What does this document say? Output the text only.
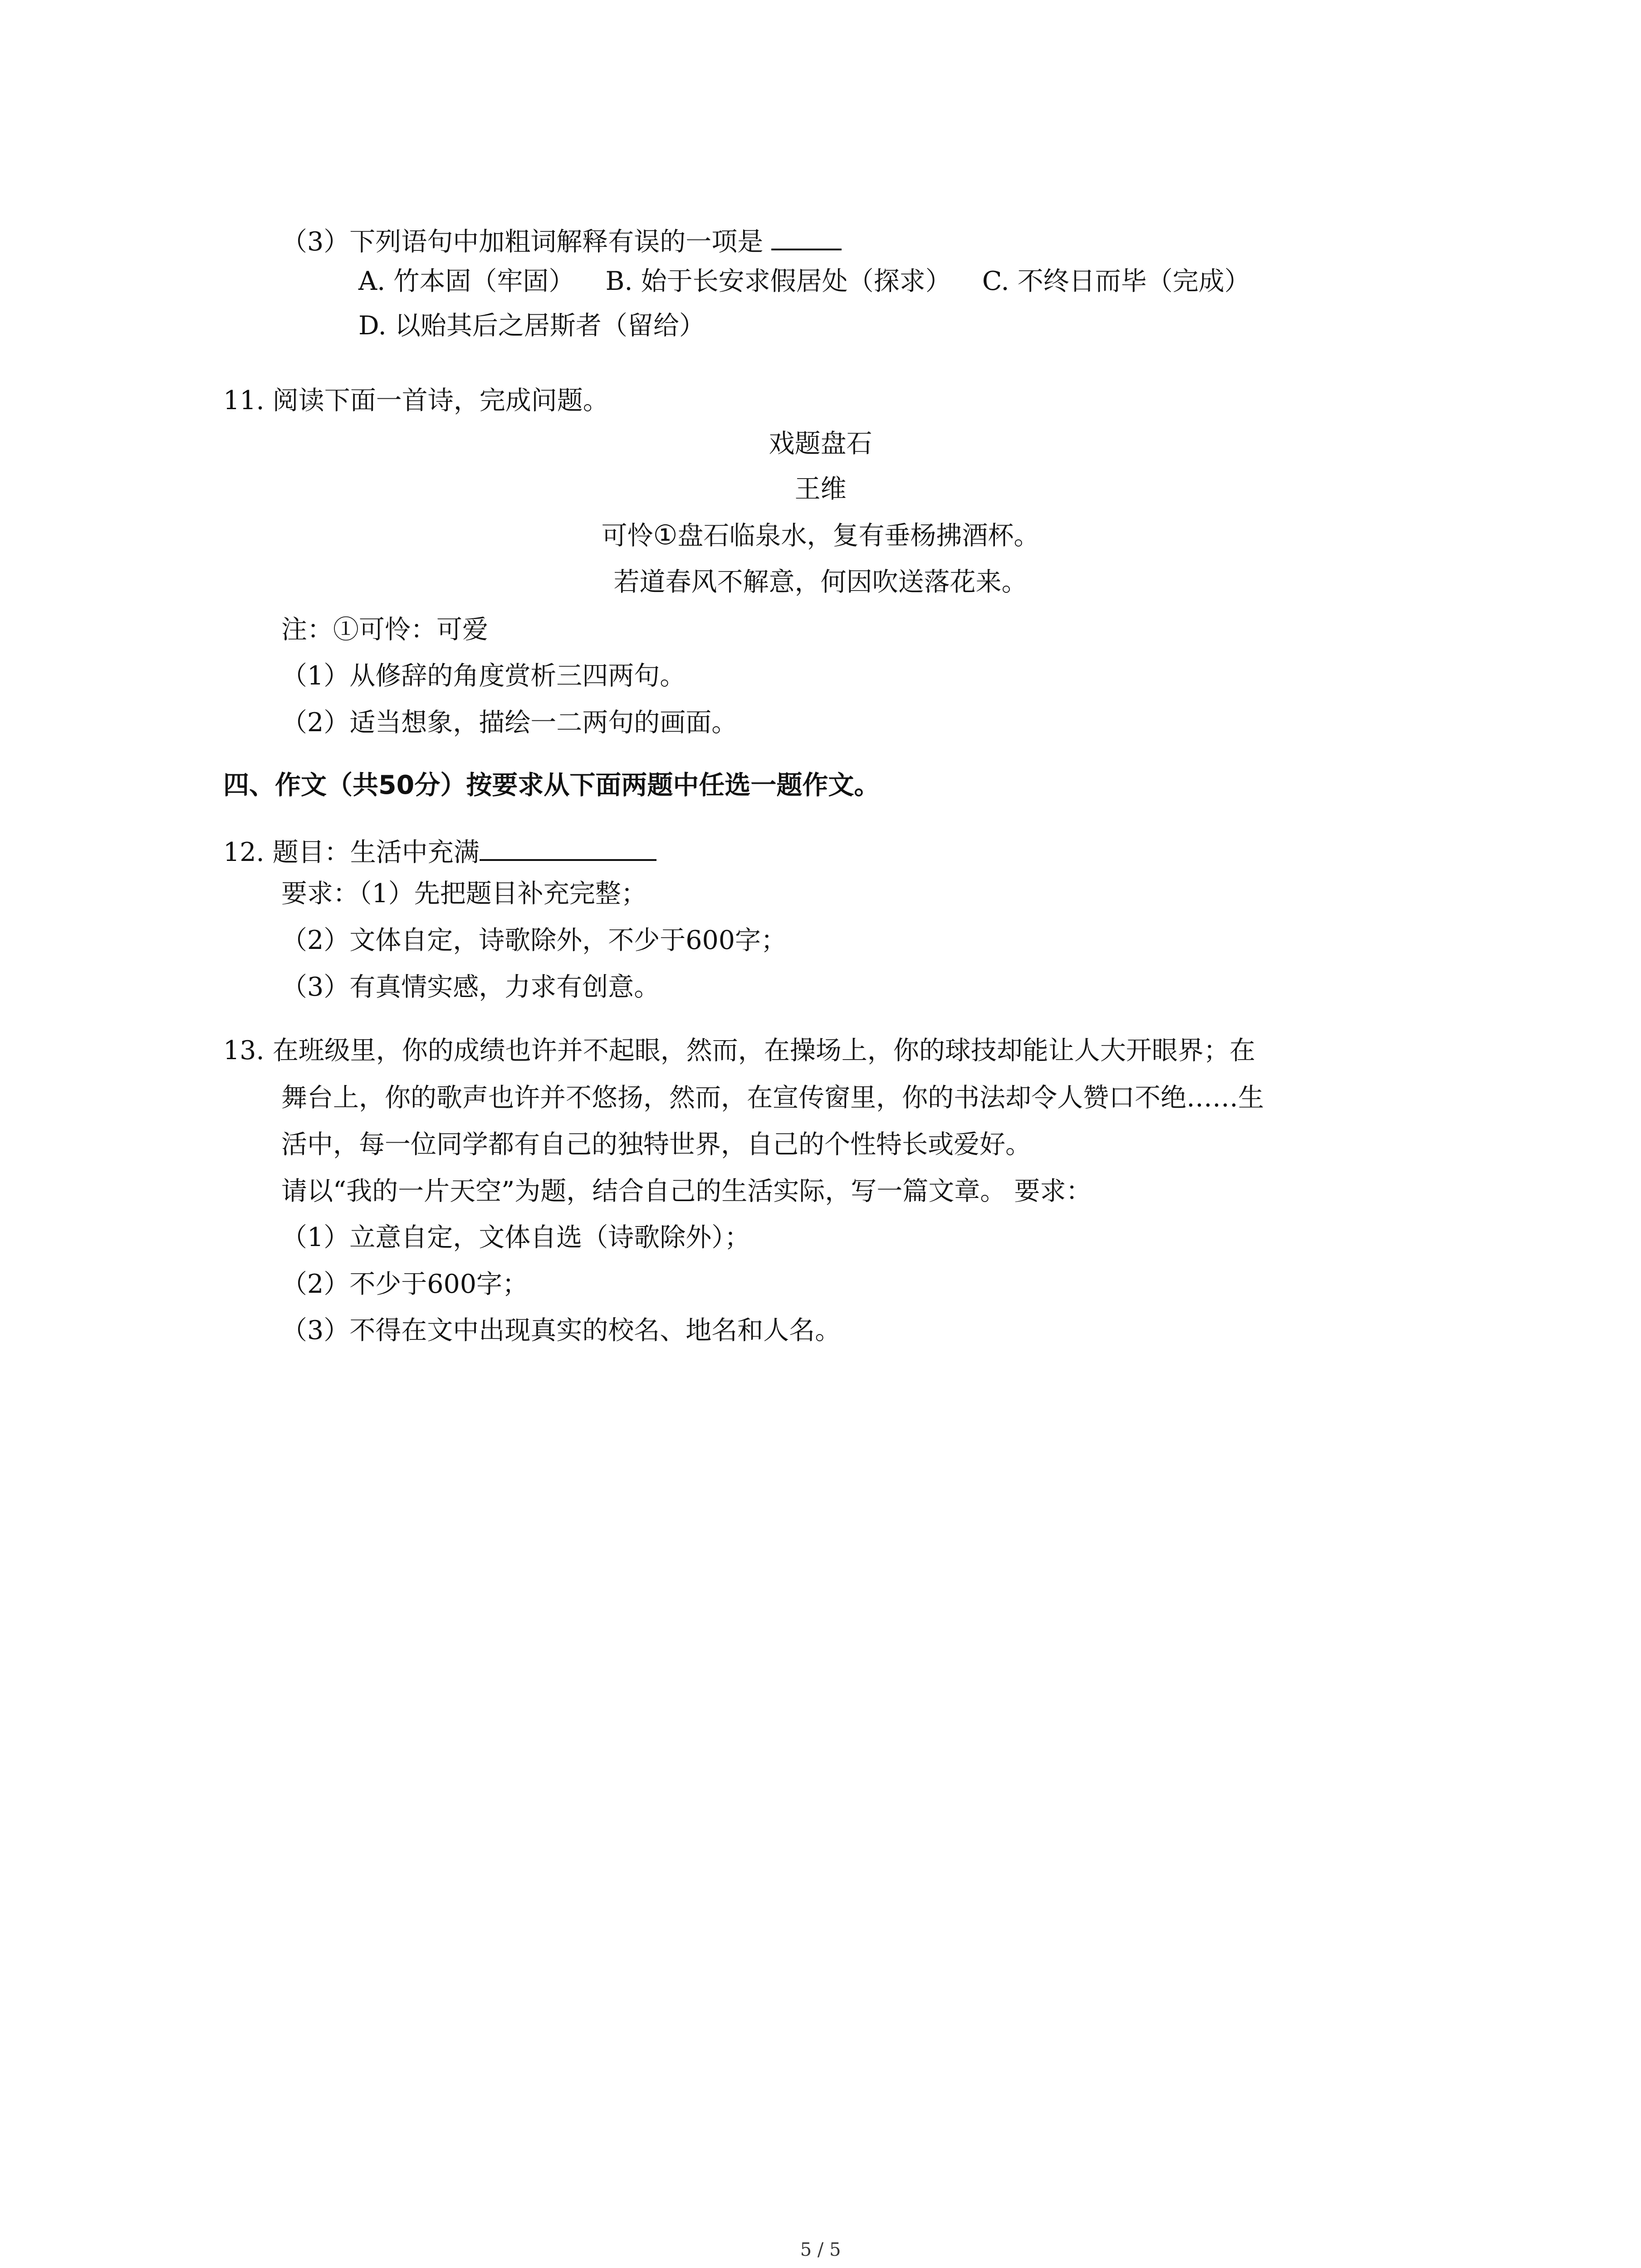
（3）下列语句中加粗词解释有误的一项是
A. 竹本固（牢固） B. 始于长安求假居处（探求） C. 不终日而毕（完成）
D. 以贻其后之居斯者（留给）
11. 阅读下面一首诗，完成问题。
戏题盘石
王维
可怜①盘石临泉水，复有垂杨拂酒杯。
若道春风不解意，何因吹送落花来。
注：①可怜：可爱
（1）从修辞的角度赏析三四两句。
（2）适当想象，描绘一二两句的画面。
四、作文（共50分）按要求从下面两题中任选一题作文。
12. 题目：生活中充满
要求：（1）先把题目补充完整；
（2）文体自定，诗歌除外，不少于600字；
（3）有真情实感，力求有创意。
13. 在班级里，你的成绩也许并不起眼，然而，在操场上，你的球技却能让人大开眼界；在
舞台上，你的歌声也许并不悠扬，然而，在宣传窗里，你的书法却令人赞口不绝……生
活中，每一位同学都有自己的独特世界，自己的个性特长或爱好。
请以“我的一片天空”为题，结合自己的生活实际，写一篇文章。 要求：
（1）立意自定，文体自选（诗歌除外）；
（2）不少于600字；
（3）不得在文中出现真实的校名、地名和人名。
5 / 5
